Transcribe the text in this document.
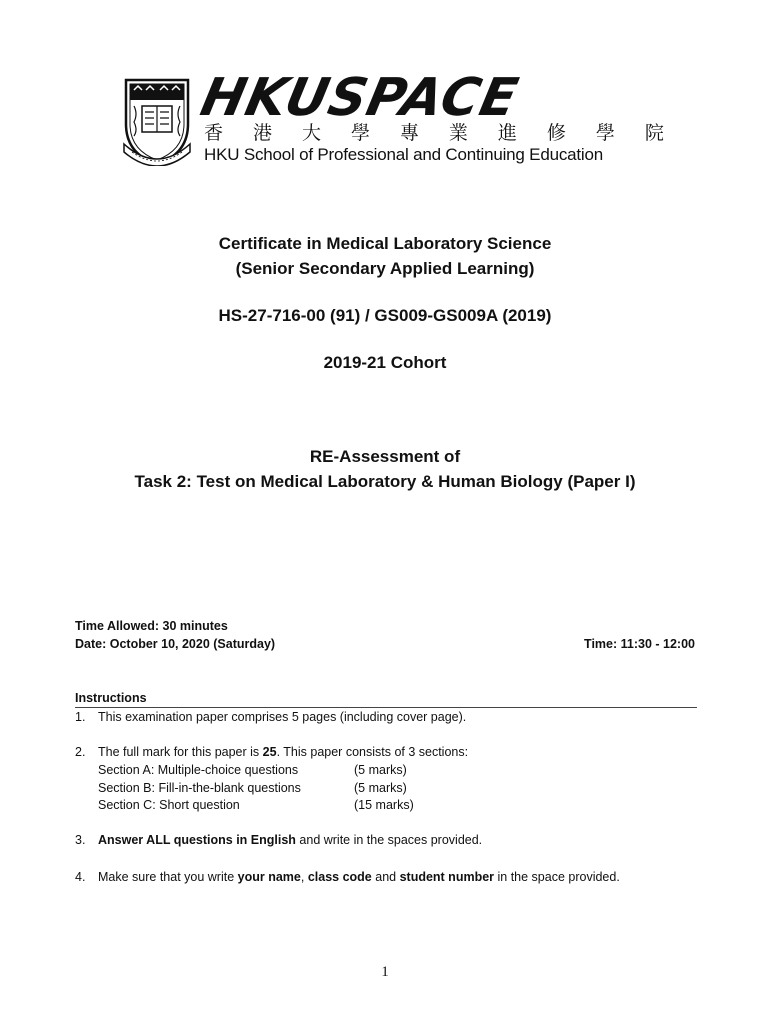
HKUSPACE
香 港 大 學 專 業 進 修 學 院
HKU School of Professional and Continuing Education
Certificate in Medical Laboratory Science
(Senior Secondary Applied Learning)
HS-27-716-00 (91) / GS009-GS009A (2019)
2019-21 Cohort
RE-Assessment of
Task 2: Test on Medical Laboratory & Human Biology (Paper I)
Time Allowed: 30 minutes
Date: October 10, 2020 (Saturday)	Time: 11:30 - 12:00
Instructions
1. This examination paper comprises 5 pages (including cover page).
2. The full mark for this paper is 25. This paper consists of 3 sections:
Section A: Multiple-choice questions	(5 marks)
Section B: Fill-in-the-blank questions	(5 marks)
Section C: Short question	(15 marks)
3. Answer ALL questions in English and write in the spaces provided.
4. Make sure that you write your name, class code and student number in the space provided.
1
